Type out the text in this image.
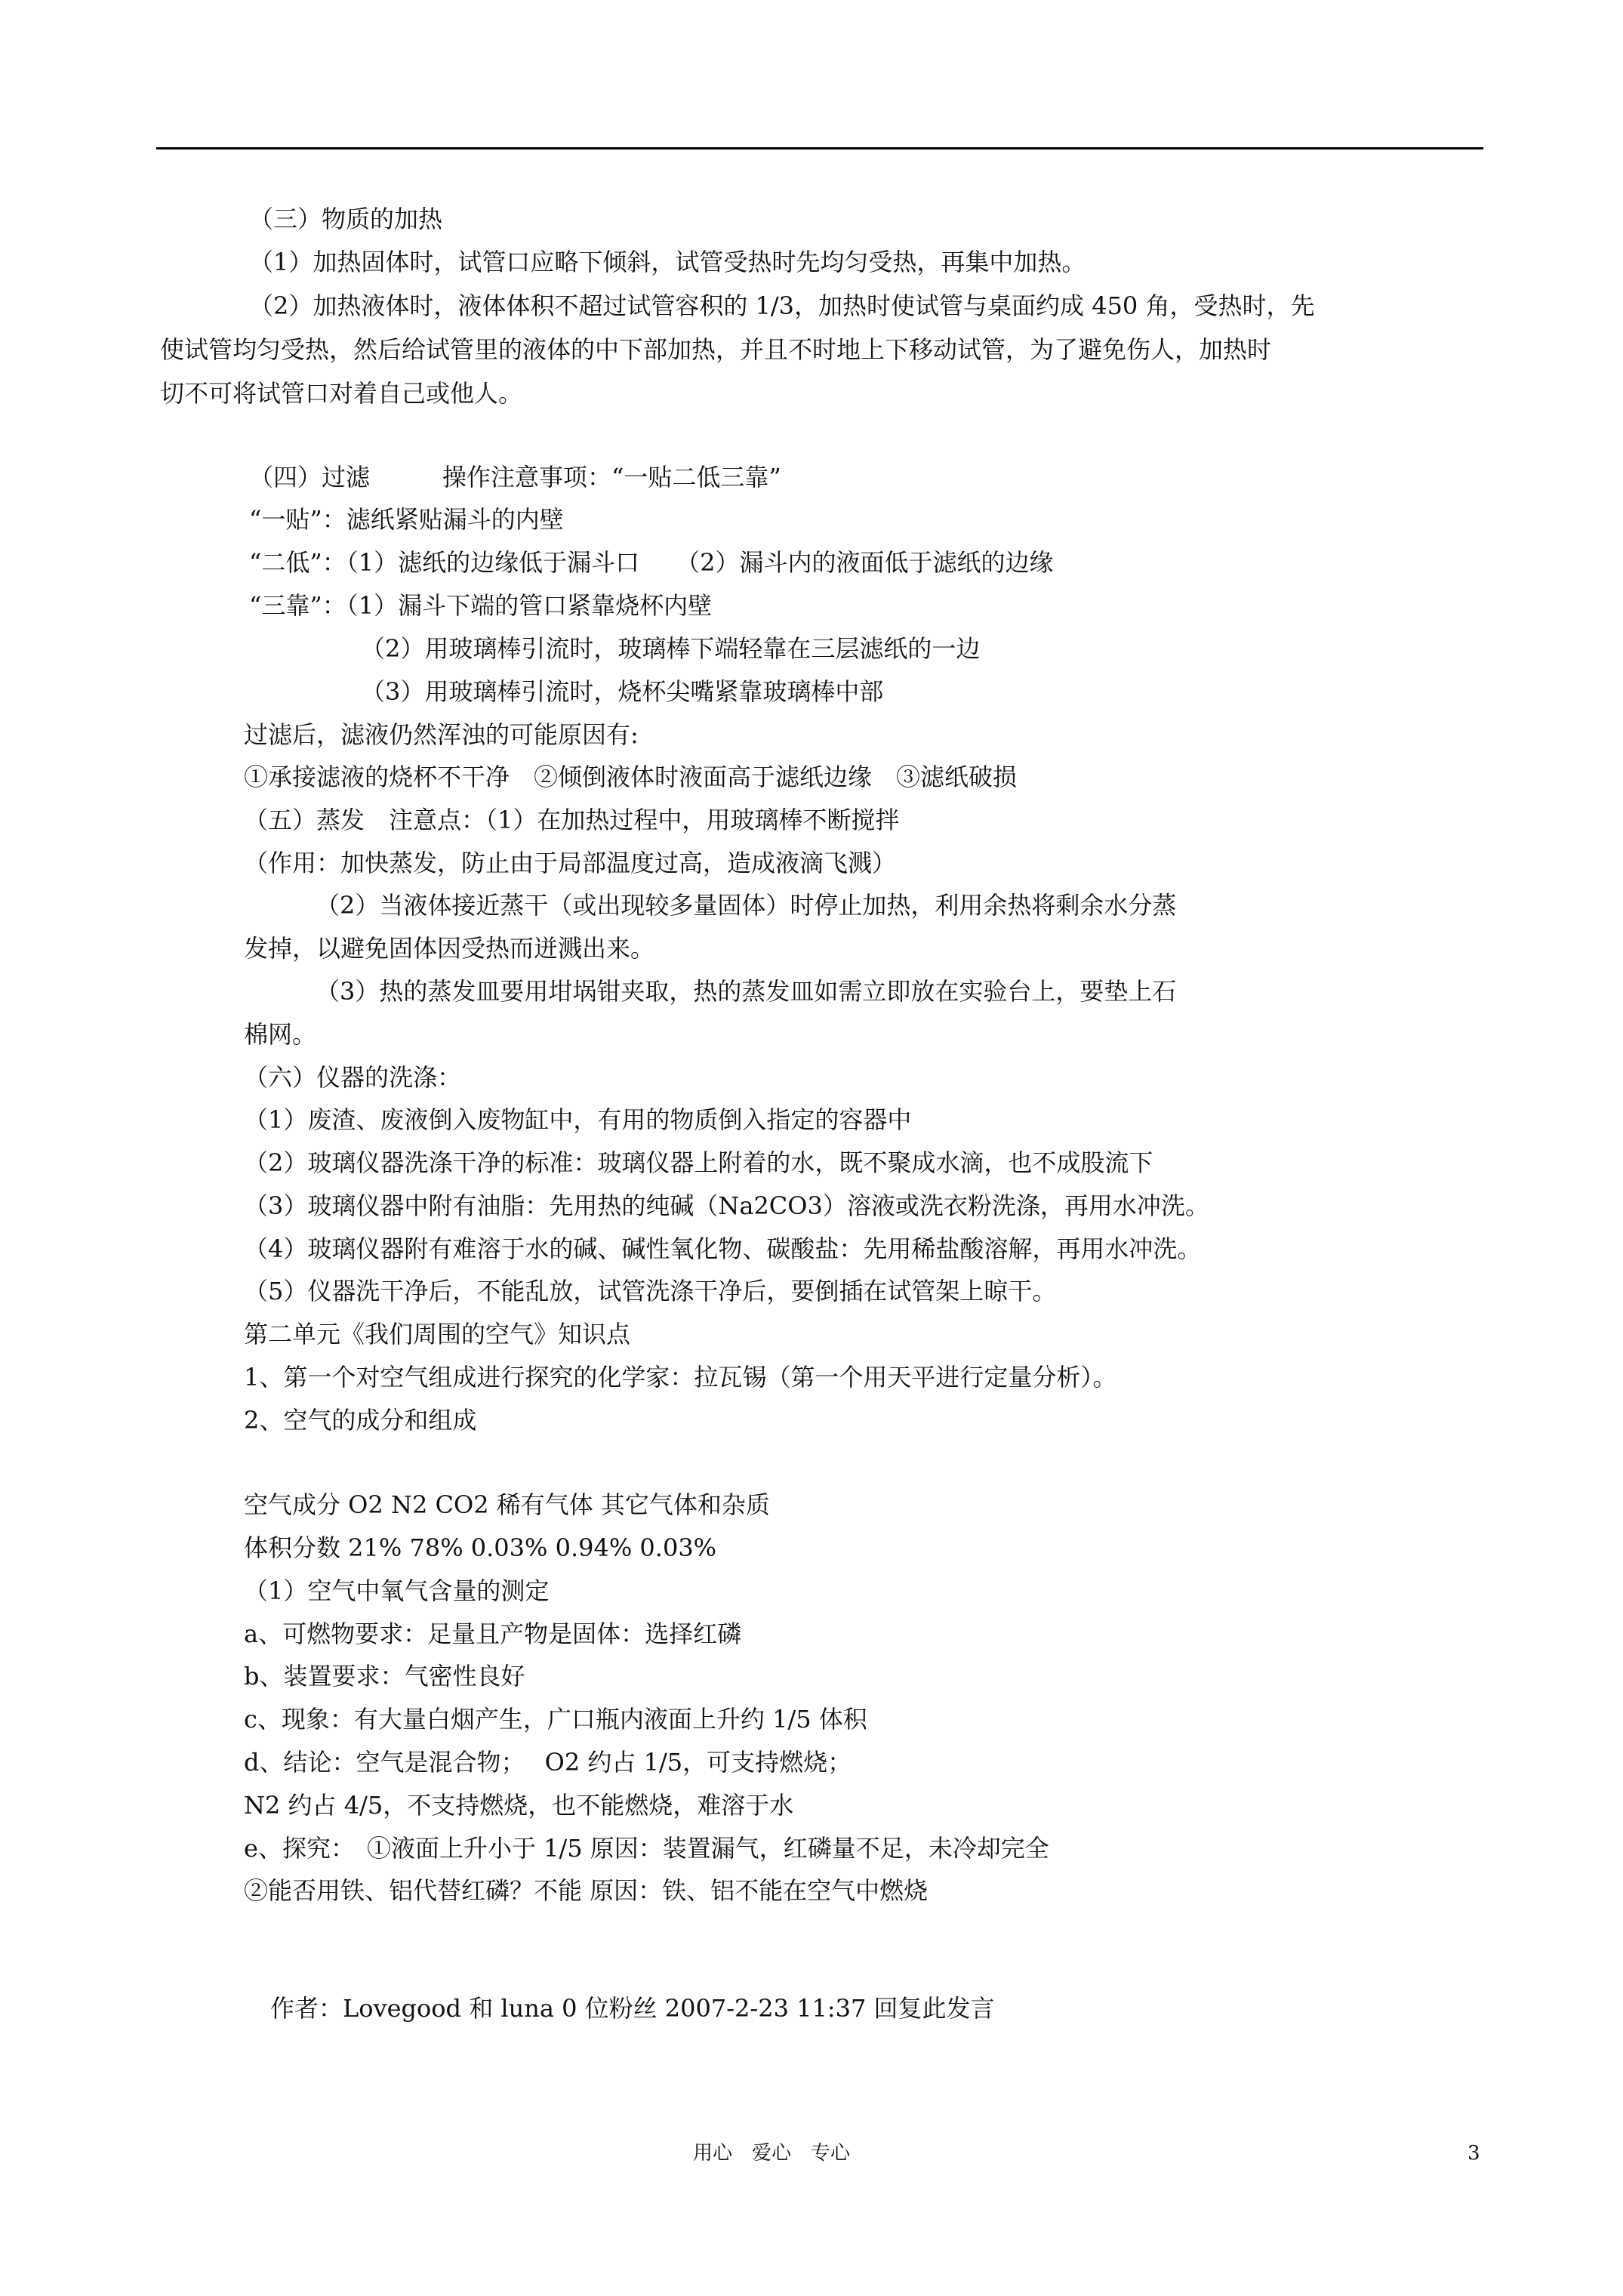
（三）物质的加热
（1）加热固体时，试管口应略下倾斜，试管受热时先均匀受热，再集中加热。
（2）加热液体时，液体体积不超过试管容积的 1/3，加热时使试管与桌面约成 450 角，受热时，先
使试管均匀受热，然后给试管里的液体的中下部加热，并且不时地上下移动试管，为了避免伤人，加热时
切不可将试管口对着自己或他人。
（四）过滤　　　操作注意事项：“一贴二低三靠”
“一贴”：滤纸紧贴漏斗的内壁
“二低”：（1）滤纸的边缘低于漏斗口　　（2）漏斗内的液面低于滤纸的边缘
“三靠”：（1）漏斗下端的管口紧靠烧杯内壁
（2）用玻璃棒引流时，玻璃棒下端轻靠在三层滤纸的一边
（3）用玻璃棒引流时，烧杯尖嘴紧靠玻璃棒中部
过滤后，滤液仍然浑浊的可能原因有:
①承接滤液的烧杯不干净　②倾倒液体时液面高于滤纸边缘　③滤纸破损
（五）蒸发　注意点：（1）在加热过程中，用玻璃棒不断搅拌
（作用：加快蒸发，防止由于局部温度过高，造成液滴飞溅）
（2）当液体接近蒸干（或出现较多量固体）时停止加热，利用余热将剩余水分蒸
发掉，以避免固体因受热而迸溅出来。
（3）热的蒸发皿要用坩埚钳夹取，热的蒸发皿如需立即放在实验台上，要垫上石
棉网。
（六）仪器的洗涤：
（1）废渣、废液倒入废物缸中，有用的物质倒入指定的容器中
（2）玻璃仪器洗涤干净的标准：玻璃仪器上附着的水，既不聚成水滴，也不成股流下
（3）玻璃仪器中附有油脂：先用热的纯碱（Na2CO3）溶液或洗衣粉洗涤，再用水冲洗。
（4）玻璃仪器附有难溶于水的碱、碱性氧化物、碳酸盐：先用稀盐酸溶解，再用水冲洗。
（5）仪器洗干净后，不能乱放，试管洗涤干净后，要倒插在试管架上晾干。
第二单元《我们周围的空气》知识点
1、第一个对空气组成进行探究的化学家：拉瓦锡（第一个用天平进行定量分析）。
2、空气的成分和组成
空气成分 O2 N2 CO2 稀有气体 其它气体和杂质
体积分数 21% 78% 0.03% 0.94% 0.03%
（1）空气中氧气含量的测定
a、可燃物要求：足量且产物是固体：选择红磷
b、装置要求：气密性良好
c、现象：有大量白烟产生，广口瓶内液面上升约 1/5 体积
d、结论：空气是混合物；　 O2 约占 1/5，可支持燃烧；
N2 约占 4/5，不支持燃烧，也不能燃烧，难溶于水
e、探究：　①液面上升小于 1/5 原因：装置漏气，红磷量不足，未冷却完全
②能否用铁、铝代替红磷？不能 原因：铁、铝不能在空气中燃烧
作者：Lovegood 和 luna 0 位粉丝 2007-2-23 11:37 回复此发言
用心　爱心　专心	3
